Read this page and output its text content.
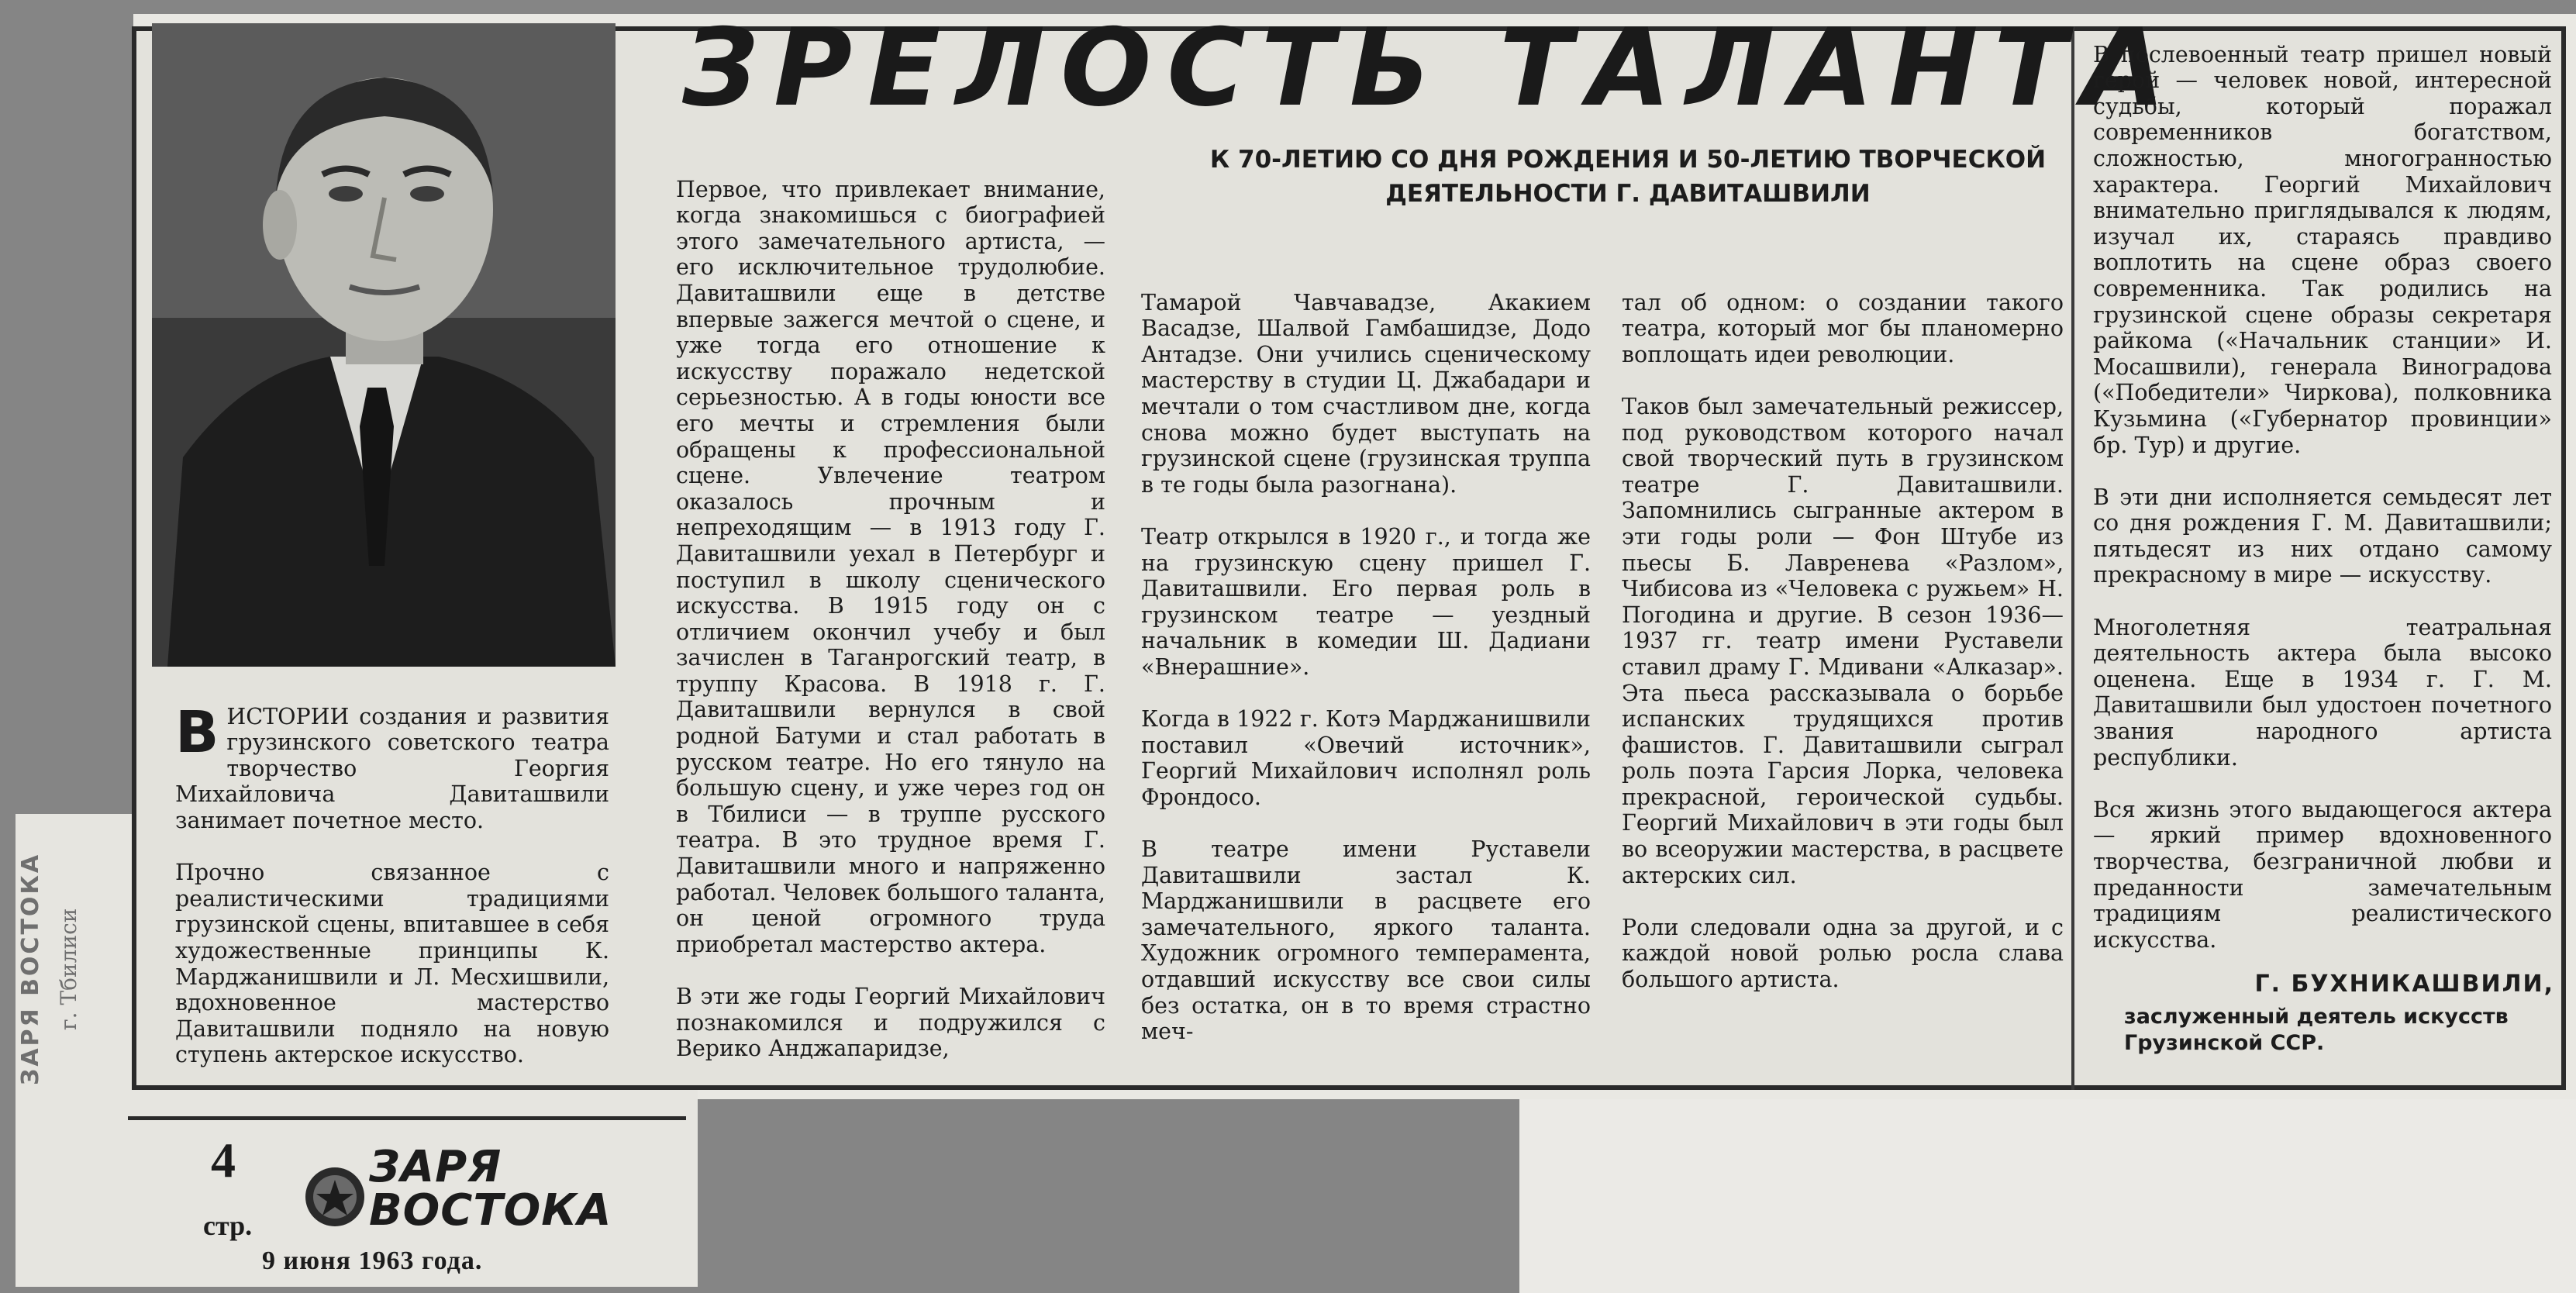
ЗРЕЛОСТЬ ТАЛАНТА
К 70-ЛЕТИЮ СО ДНЯ РОЖДЕНИЯ И 50-ЛЕТИЮ ТВОРЧЕСКОЙ ДЕЯТЕЛЬНОСТИ Г. ДАВИТАШВИЛИ

ВИСТОРИИ создания и развития грузинского советского театра творчество Георгия Михайловича Давиташвили занимает почетное место.

Прочно связанное с реалистическими традициями грузинской сцены, впитавшее в себя художественные принципы К. Марджанишвили и Л. Месхишвили, вдохновенное мастерство Давиташвили подняло на новую ступень актерское искусство.

Первое, что привлекает внимание, когда знакомишься с биографией этого замечательного артиста, — его исключительное трудолюбие. Давиташвили еще в детстве впервые зажегся мечтой о сцене, и уже тогда его отношение к искусству поражало недетской серьезностью. А в годы юности все его мечты и стремления были обращены к профессиональной сцене. Увлечение театром оказалось прочным и непреходящим — в 1913 году Г. Давиташвили уехал в Петербург и поступил в школу сценического искусства. В 1915 году он с отличием окончил учебу и был зачислен в Таганрогский театр, в труппу Красова. В 1918 г. Г. Давиташвили вернулся в свой родной Батуми и стал работать в русском театре. Но его тянуло на большую сцену, и уже через год он в Тбилиси — в труппе русского театра. В это трудное время Г. Давиташвили много и напряженно работал. Человек большого таланта, он ценой огромного труда приобретал мастерство актера.

В эти же годы Георгий Михайлович познакомился и подружился с Верико Анджапаридзе,

Тамарой Чавчавадзе, Акакием Васадзе, Шалвой Гамбашидзе, Додо Антадзе. Они учились сценическому мастерству в студии Ц. Джабадари и мечтали о том счастливом дне, когда снова можно будет выступать на грузинской сцене (грузинская труппа в те годы была разогнана).

Театр открылся в 1920 г., и тогда же на грузинскую сцену пришел Г. Давиташвили. Его первая роль в грузинском театре — уездный начальник в комедии Ш. Дадиани «Внерашние».

Когда в 1922 г. Котэ Марджанишвили поставил «Овечий источник», Георгий Михайлович исполнял роль Фрондосо.

В театре имени Руставели Давиташвили застал К. Марджанишвили в расцвете его замечательного, яркого таланта. Художник огромного темперамента, отдавший искусству все свои силы без остатка, он в то время страстно меч-

тал об одном: о создании такого театра, который мог бы планомерно воплощать идеи революции.

Таков был замечательный режиссер, под руководством которого начал свой творческий путь в грузинском театре Г. Давиташвили. Запомнились сыгранные актером в эти годы роли — Фон Штубе из пьесы Б. Лавренева «Разлом», Чибисова из «Человека с ружьем» Н. Погодина и другие. В сезон 1936—1937 гг. театр имени Руставели ставил драму Г. Мдивани «Алказар». Эта пьеса рассказывала о борьбе испанских трудящихся против фашистов. Г. Давиташвили сыграл роль поэта Гарсия Лорка, человека прекрасной, героической судьбы. Георгий Михайлович в эти годы был во всеоружии мастерства, в расцвете актерских сил.

Роли следовали одна за другой, и с каждой новой ролью росла слава большого артиста.

В послевоенный театр пришел новый герой — человек новой, интересной судьбы, который поражал современников богатством, сложностью, многогранностью характера. Георгий Михайлович внимательно приглядывался к людям, изучал их, стараясь правдиво воплотить на сцене образ своего современника. Так родились на грузинской сцене образы секретаря райкома («Начальник станции» И. Мосашвили), генерала Виноградова («Победители» Чиркова), полковника Кузьмина («Губернатор провинции» бр. Тур) и другие.

В эти дни исполняется семьдесят лет со дня рождения Г. М. Давиташвили; пятьдесят из них отдано самому прекрасному в мире — искусству.

Многолетняя театральная деятельность актера была высоко оценена. Еще в 1934 г. Г. М. Давиташвили был удостоен почетного звания народного артиста республики.

Вся жизнь этого выдающегося актера — яркий пример вдохновенного творчества, безграничной любви и преданности замечательным традициям реалистического искусства.

Г. БУХНИКАШВИЛИ,
заслуженный деятель искусств Грузинской ССР.
4
стр.
ЗАРЯ
ВОСТОКА
9 июня 1963 года.
ЗАРЯ ВОСТОКА г. Тбилиси
